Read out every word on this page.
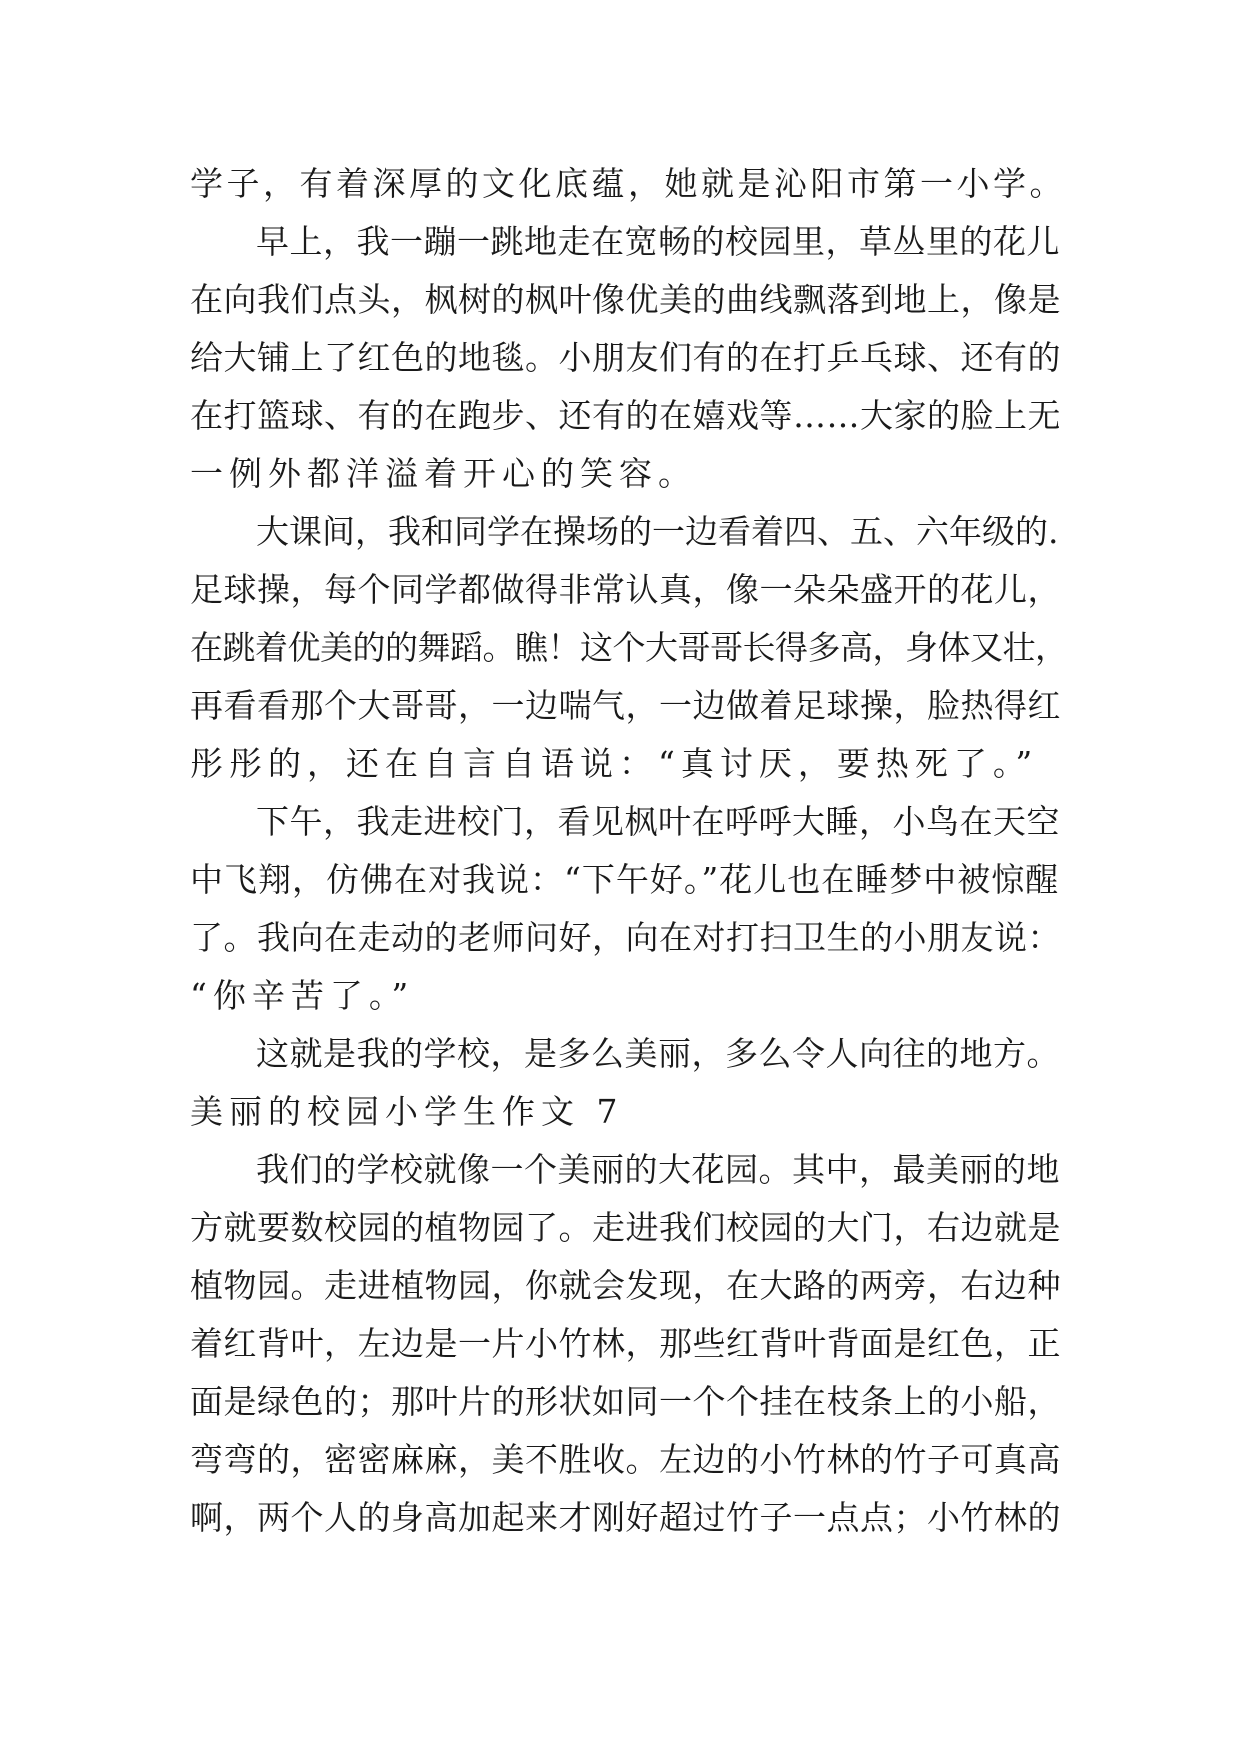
学子，有着深厚的文化底蕴，她就是沁阳市第一小学。
早上，我一蹦一跳地走在宽畅的校园里，草丛里的花儿
在向我们点头，枫树的枫叶像优美的曲线飘落到地上，像是
给大铺上了红色的地毯。小朋友们有的在打乒乓球、还有的
在打篮球、有的在跑步、还有的在嬉戏等……大家的脸上无
一例外都洋溢着开心的笑容。
大课间，我和同学在操场的一边看着四、五、六年级的.
足球操，每个同学都做得非常认真，像一朵朵盛开的花儿，
在跳着优美的的舞蹈。瞧！这个大哥哥长得多高，身体又壮，
再看看那个大哥哥，一边喘气，一边做着足球操，脸热得红
彤彤的，还在自言自语说：“真讨厌，要热死了。”
下午，我走进校门，看见枫叶在呼呼大睡，小鸟在天空
中飞翔，仿佛在对我说：“下午好。”花儿也在睡梦中被惊醒
了。我向在走动的老师问好，向在对打扫卫生的小朋友说：
“你辛苦了。”
这就是我的学校，是多么美丽，多么令人向往的地方。
美丽的校园小学生作文 7
我们的学校就像一个美丽的大花园。其中，最美丽的地
方就要数校园的植物园了。走进我们校园的大门，右边就是
植物园。走进植物园，你就会发现，在大路的两旁，右边种
着红背叶，左边是一片小竹林，那些红背叶背面是红色，正
面是绿色的；那叶片的形状如同一个个挂在枝条上的小船，
弯弯的，密密麻麻，美不胜收。左边的小竹林的竹子可真高
啊，两个人的身高加起来才刚好超过竹子一点点；小竹林的
